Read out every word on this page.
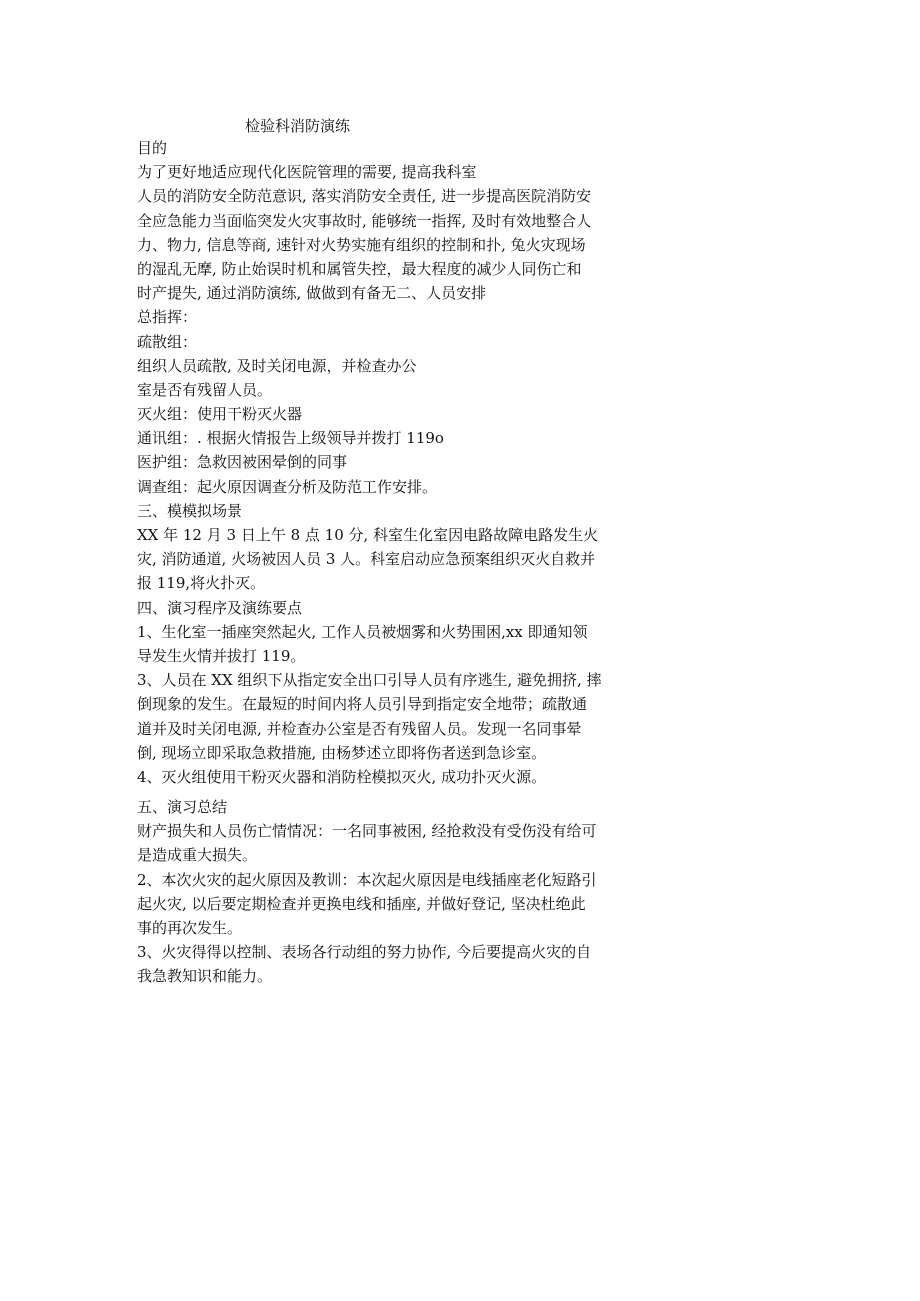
检验科消防演练
目的
为了更好地适应现代化医院管理的需要, 提高我科室
人员的消防安全防范意识, 落实消防安全责任, 进一步提高医院消防安
全应急能力当面临突发火灾事故时, 能够统一指挥, 及时有效地整合人
力、物力, 信息等商, 速针对火势实施有组织的控制和扑, 兔火灾现场
的湿乱无摩, 防止始误时机和属管失控，最大程度的减少人同伤亡和
时产提失, 通过消防演练, 做做到有备无二、人员安排
总指挥：
疏散组：
组织人员疏散, 及时关闭电源，并检查办公
室是否有残留人员。
灭火组：使用干粉灭火器
通讯组：. 根据火情报告上级领导并拨打 119o
医护组：急救因被困晕倒的同事
调查组：起火原因调查分析及防范工作安排。
三、模模拟场景
XX 年 12 月 3 日上午 8 点 10 分, 科室生化室因电路故障电路发生火
灾, 消防通道, 火场被因人员 3 人。科室启动应急预案组织灭火自救并
报 119,将火扑灭。
四、演习程序及演练要点
1、生化室一插座突然起火, 工作人员被烟雾和火势围困,xx 即通知领
导发生火情并拔打 119。
3、人员在 XX 组织下从指定安全出口引导人员有序逃生, 避免拥挤, 摔
倒现象的发生。在最短的时间内将人员引导到指定安全地带；疏散通
道并及时关闭电源, 并检查办公室是否有残留人员。发现一名同事晕
倒, 现场立即采取急救措施, 由杨梦述立即将伤者送到急诊室。
4、灭火组使用干粉灭火器和消防栓模拟灭火, 成功扑灭火源。
五、演习总结
财产损失和人员伤亡情情况：一名同事被困, 经抢救没有受伤没有给可
是造成重大损失。
2、本次火灾的起火原因及教训：本次起火原因是电线插座老化短路引
起火灾, 以后要定期检查并更换电线和插座, 并做好登记, 坚决杜绝此
事的再次发生。
3、火灾得得以控制、表场各行动组的努力协作, 今后要提高火灾的自
我急教知识和能力。
